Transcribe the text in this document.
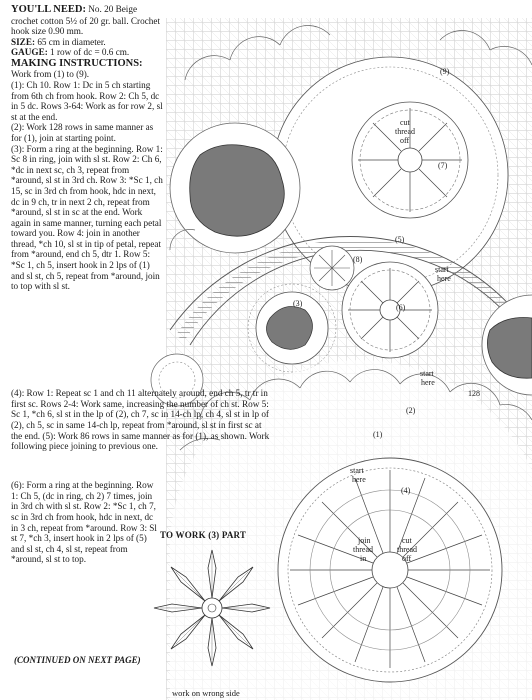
(9)
cut thread off
(7)
(5)
(8)
(6)
(3)
start here
start here
128
(1)
start here
(4)
join thread in
cut thread off
(2)

YOU'LL NEED: No. 20 Beige crochet cotton 5½ of 20 gr. ball. Crochet hook size 0.90 mm.

SIZE: 65 cm in diameter.

GAUGE: 1 row of dc = 0.6 cm.

MAKING INSTRUCTIONS:

Work from (1) to (9).

(1): Ch 10. Row 1: Dc in 5 ch starting from 6th ch from hook. Row 2: Ch 5, dc in 5 dc. Rows 3-64: Work as for row 2, sl st at the end.

(2): Work 128 rows in same manner as for (1), join at starting point.

(3): Form a ring at the beginning. Row 1: Sc 8 in ring, join with sl st. Row 2: Ch 6, *dc in next sc, ch 3, repeat from *around, sl st in 3rd ch. Row 3: *Sc 1, ch 15, sc in 3rd ch from hook, hdc in next, dc in 9 ch, tr in next 2 ch, repeat from *around, sl st in sc at the end. Work again in same manner, turning each petal toward you. Row 4: join in another thread, *ch 10, sl st in tip of petal, repeat from *around, end ch 5, dtr 1. Row 5: *Sc 1, ch 5, insert hook in 2 lps of (1) and sl st, ch 5, repeat from *around, join to top with sl st.

(4): Row 1: Repeat sc 1 and ch 11 alternately around, end ch 5, tr tr in first sc. Rows 2-4: Work same, increasing the number of ch st. Row 5: Sc 1, *ch 6, sl st in the lp of (2), ch 7, sc in 14-ch lp, ch 4, sl st in lp of (2), ch 5, sc in same 14-ch lp, repeat from *around, sl st in first sc at the end. (5): Work 86 rows in same manner as for (1), as shown. Work following piece joining to previous one.

(6): Form a ring at the beginning. Row 1: Ch 5, (dc in ring, ch 2) 7 times, join in 3rd ch with sl st. Row 2: *Sc 1, ch 7, sc in 3rd ch from hook, hdc in next, dc in 3 ch, repeat from *around. Row 3: Sl st 7, *ch 3, insert hook in 2 lps of (5) and sl st, ch 4, sl st, repeat from *around, sl st to top.

TO WORK (3) PART
(CONTINUED ON NEXT PAGE)
work on wrong side
